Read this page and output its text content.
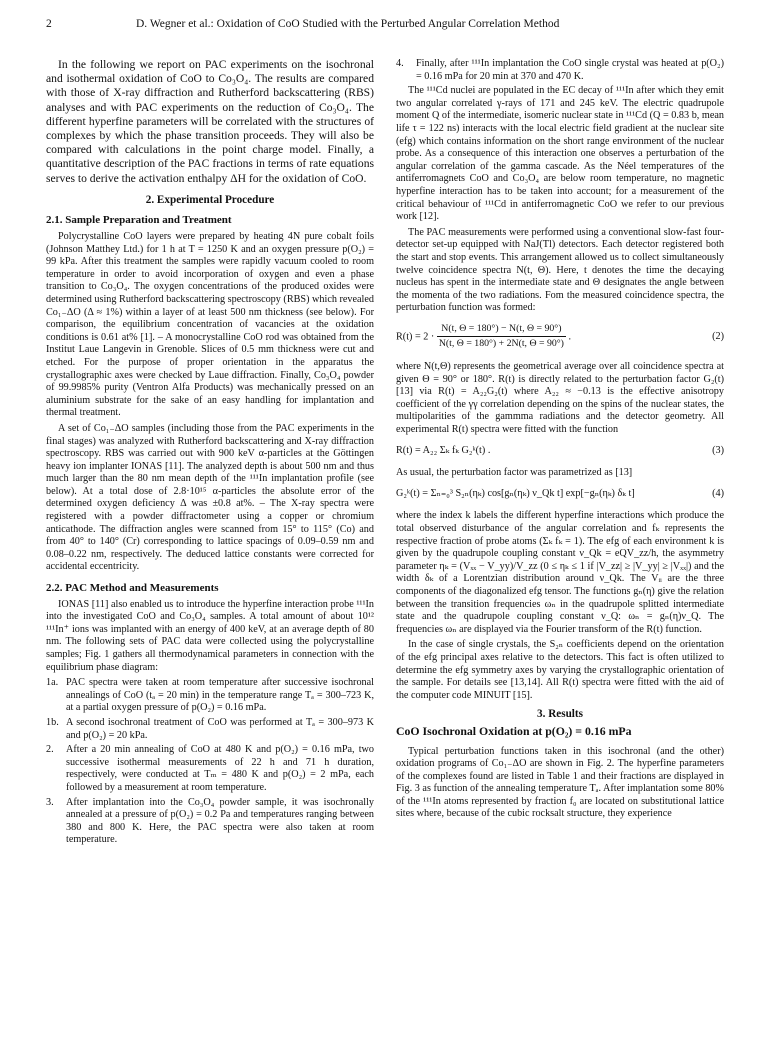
2	D. Wegner et al.: Oxidation of CoO Studied with the Perturbed Angular Correlation Method

In the following we report on PAC experiments on the isochronal and isothermal oxidation of CoO to Co₃O₄. The results are compared with those of X-ray diffraction and Rutherford backscattering (RBS) analyses and with PAC experiments on the reduction of Co₃O₄. The different hyperfine parameters will be correlated with the structures of complexes by which the phase transition proceeds. They will also be compared with calculations in the point charge model. Finally, a quantitative description of the PAC fractions in terms of rate equations serves to derive the activation enthalpy ΔH for the oxidation of CoO.

2. Experimental Procedure
2.1. Sample Preparation and Treatment

Polycrystalline CoO layers were prepared by heating 4N pure cobalt foils (Johnson Matthey Ltd.) for 1 h at T = 1250 K and an oxygen pressure p(O₂) = 99 kPa. After this treatment the samples were rapidly vacuum cooled to room temperature in order to avoid incorporation of oxygen and even a phase transition to Co₃O₄. The oxygen concentrations of the produced oxides were determined using Rutherford backscattering spectroscopy (RBS) which revealed Co₁₋ΔO (Δ ≈ 1%) within a layer of at least 500 nm thickness (see below). For comparison, the equilibrium concentration of vacancies at the oxidation conditions is 0.61 at% [1]. – A monocrystalline CoO rod was obtained from the Institut Laue Langevin in Grenoble. Slices of 0.5 mm thickness were cut and etched. For the purpose of proper orientation in the apparatus the crystallographic axes were checked by Laue diffraction. Finally, Co₃O₄ powder of 99.9985% purity (Ventron Alfa Products) was mechanically pressed on an aluminium substrate for the sake of an easy handling for implantation and thermal treatment.

A set of Co₁₋ΔO samples (including those from the PAC experiments in the final stages) was analyzed with Rutherford backscattering and X-ray diffraction spectroscopy. RBS was carried out with 900 keV α-particles at the Göttingen heavy ion implanter IONAS [11]. The analyzed depth is about 500 nm and thus much larger than the 80 nm mean depth of the ¹¹¹In implantation profile (see below). At a total dose of 2.8·10¹⁵ α-particles the absolute error of the determined oxygen deficiency Δ was ±0.8 at%. – The X-ray spectra were registered with a powder diffractometer using a copper or chromium anticathode. The diffraction angles were scanned from 15° to 115° (Co) and from 40° to 140° (Cr) corresponding to lattice spacings of 0.09–0.59 nm and 0.08–0.22 nm, respectively. The deduced lattice constants were corrected for accidental eccentricity.

2.2. PAC Method and Measurements

IONAS [11] also enabled us to introduce the hyperfine interaction probe ¹¹¹In into the investigated CoO and Co₃O₄ samples. A total amount of about 10¹² ¹¹¹In⁺ ions was implanted with an energy of 400 keV, at an average depth of 80 nm. The following sets of PAC data were collected using the polycrystalline samples; Fig. 1 gathers all thermodynamical parameters in connection with the equilibrium phase diagram:

1a. PAC spectra were taken at room temperature after successive isochronal annealings of CoO (tₐ = 20 min) in the temperature range Tₐ = 300–723 K, at a partial oxygen pressure of p(O₂) = 0.16 mPa.
1b. A second isochronal treatment of CoO was performed at Tₐ = 300–973 K and p(O₂) = 20 kPa.
2.	After a 20 min annealing of CoO at 480 K and p(O₂) = 0.16 mPa, two successive isothermal measurements of 22 h and 71 h duration, respectively, were conducted at Tₘ = 480 K and p(O₂) = 2 mPa, each followed by a measurement at room temperature.
3.	After implantation into the Co₃O₄ powder sample, it was isochronally annealed at a pressure of p(O₂) = 0.2 Pa and temperatures ranging between 380 and 800 K. Here, the PAC spectra were also taken at room temperature.
4.	Finally, after ¹¹¹In implantation the CoO single crystal was heated at p(O₂) = 0.16 mPa for 20 min at 370 and 470 K.

The ¹¹¹Cd nuclei are populated in the EC decay of ¹¹¹In after which they emit two angular correlated γ-rays of 171 and 245 keV. The electric quadrupole moment Q of the intermediate, isomeric nuclear state in ¹¹¹Cd (Q = 0.83 b, mean life τ = 122 ns) interacts with the local electric field gradient at the nuclear site (efg) which contains information on the short range environment of the nuclear probe. As a consequence of this interaction one observes a perturbation of the angular correlation of the gamma cascade. As the Néel temperatures of the antiferromagnets CoO and Co₃O₄ are below room temperature, no magnetic hyperfine interaction has to be taken into account; for a measurement of the critical behaviour of ¹¹¹Cd in antiferromagnetic CoO we refer to our previous work [12].

The PAC measurements were performed using a conventional slow-fast four-detector set-up equipped with NaJ(Tl) detectors. Each detector registered both the start and stop events. This arrangement allowed us to collect simultaneously twelve coincidence spectra N(t, Θ). Here, t denotes the time the decaying nucleus has spent in the intermediate state and Θ designates the angle between the momenta of the two radiations. Fom the measured coincidence spectra, the perturbation function was formed:

$R(t) = 2 \cdot \frac{N(t, \Theta = 180^\circ) - N(t, \Theta = 90^\circ)}{N(t, \Theta = 180^\circ) + 2N(t, \Theta = 90^\circ)}$ .	(2)

where N(t,Θ) represents the geometrical average over all coincidence spectra at given Θ = 90° or 180°. R(t) is directly related to the perturbation factor G₂(t) [13] via R(t) = A₂₂G₂(t) where A₂₂ ≈ −0.13 is the effective anisotropy coefficient of the γγ correlation depending on the spins of the nuclear states, the multipolarities of the gammma radiations and the detector geometry. All experimental R(t) spectra were fitted with the function

R(t) = A₂₂ Σₖ fₖ G₂ᵏ(t) .	(3)

As usual, the perturbation factor was parametrized as [13]

G₂ᵏ(t) = Σₙ₌₀³ S₂ₙ(ηₖ) cos[gₙ(ηₖ) ν_Qk t] exp[−gₙ(ηₖ) δₖ t]	(4)

where the index k labels the different hyperfine interactions which produce the total observed disturbance of the angular correlation and fₖ represents the respective fraction of probe atoms (Σₖ fₖ = 1). The efg of each environment k is given by the quadrupole coupling constant ν_Qk = eQV_zz/h, the asymmetry parameter ηₖ = (Vₓₓ − V_yy)/V_zz (0 ≤ ηₖ ≤ 1 if |V_zz| ≥ |V_yy| ≥ |Vₓₓ|) and the width δₖ of a Lorentzian distribution around ν_Qk. The Vᵢᵢ are the three components of the diagonalized efg tensor. The functions gₙ(η) give the relation between the transition frequencies ωₙ in the quadrupole splitted intermediate state and the quadrupole coupling constant ν_Q: ωₙ = gₙ(η)ν_Q. The frequencies ωₙ are displayed via the Fourier transform of the R(t) function.

In the case of single crystals, the S₂ₙ coefficients depend on the orientation of the efg principal axes relative to the detectors. This fact is often utilized to determine the efg symmetry axes by varying the crystallographic orientation of the sample. For details see [13,14]. All R(t) spectra were fitted with the aid of the computer code MINUIT [15].

3. Results
CoO Isochronal Oxidation at p(O₂) = 0.16 mPa

Typical perturbation functions taken in this isochronal (and the other) oxidation programs of Co₁₋ΔO are shown in Fig. 2. The hyperfine parameters of the complexes found are listed in Table 1 and their fractions are displayed in Fig. 3 as function of the annealing temperature Tₐ. After implantation some 80% of the ¹¹¹In atoms represented by fraction f₀ are located on substitutional lattice sites where, because of the cubic rocksalt structure, they experience
